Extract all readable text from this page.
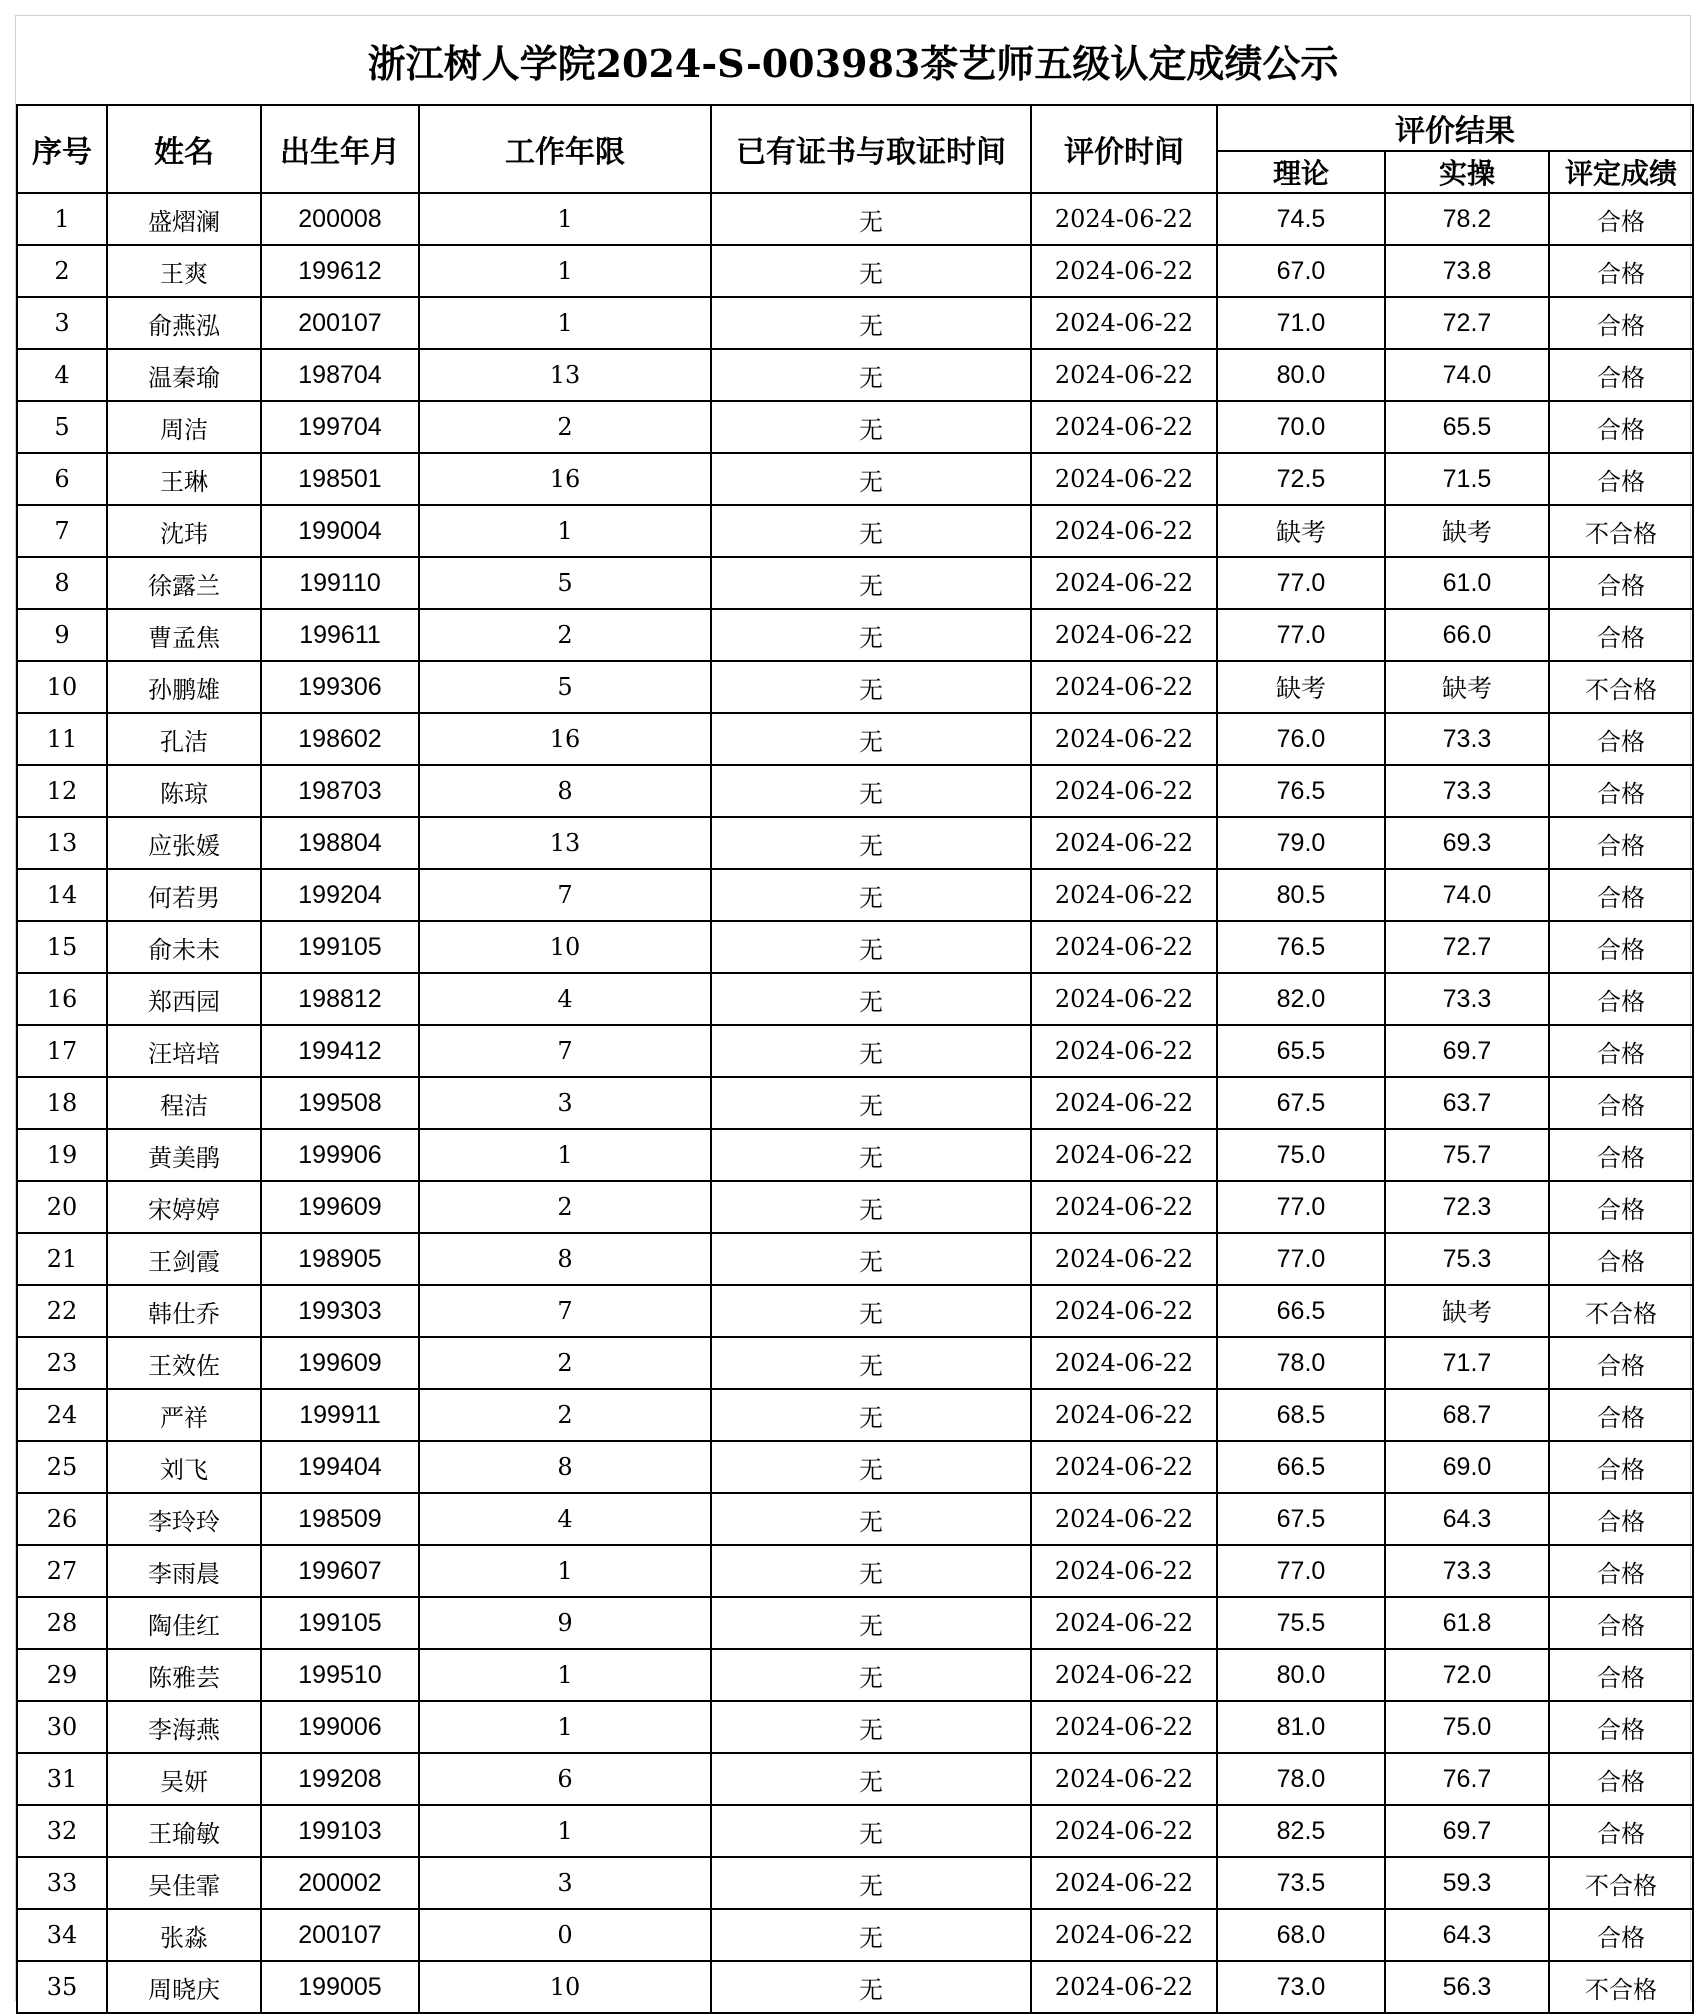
浙江树人学院2024-S-003983茶艺师五级认定成绩公示
序号	姓名	出生年月	工作年限	已有证书与取证时间	评价时间	评价结果		
						理论	实操	评定成绩
1	盛熠澜	200008	1	无	2024-06-22	74.5	78.2	合格
2	王爽	199612	1	无	2024-06-22	67.0	73.8	合格
3	俞燕泓	200107	1	无	2024-06-22	71.0	72.7	合格
4	温秦瑜	198704	13	无	2024-06-22	80.0	74.0	合格
5	周洁	199704	2	无	2024-06-22	70.0	65.5	合格
6	王琳	198501	16	无	2024-06-22	72.5	71.5	合格
7	沈玮	199004	1	无	2024-06-22	缺考	缺考	不合格
8	徐露兰	199110	5	无	2024-06-22	77.0	61.0	合格
9	曹孟焦	199611	2	无	2024-06-22	77.0	66.0	合格
10	孙鹏雄	199306	5	无	2024-06-22	缺考	缺考	不合格
11	孔洁	198602	16	无	2024-06-22	76.0	73.3	合格
12	陈琼	198703	8	无	2024-06-22	76.5	73.3	合格
13	应张媛	198804	13	无	2024-06-22	79.0	69.3	合格
14	何若男	199204	7	无	2024-06-22	80.5	74.0	合格
15	俞未未	199105	10	无	2024-06-22	76.5	72.7	合格
16	郑西园	198812	4	无	2024-06-22	82.0	73.3	合格
17	汪培培	199412	7	无	2024-06-22	65.5	69.7	合格
18	程洁	199508	3	无	2024-06-22	67.5	63.7	合格
19	黄美鹃	199906	1	无	2024-06-22	75.0	75.7	合格
20	宋婷婷	199609	2	无	2024-06-22	77.0	72.3	合格
21	王剑霞	198905	8	无	2024-06-22	77.0	75.3	合格
22	韩仕乔	199303	7	无	2024-06-22	66.5	缺考	不合格
23	王效佐	199609	2	无	2024-06-22	78.0	71.7	合格
24	严祥	199911	2	无	2024-06-22	68.5	68.7	合格
25	刘飞	199404	8	无	2024-06-22	66.5	69.0	合格
26	李玲玲	198509	4	无	2024-06-22	67.5	64.3	合格
27	李雨晨	199607	1	无	2024-06-22	77.0	73.3	合格
28	陶佳红	199105	9	无	2024-06-22	75.5	61.8	合格
29	陈雅芸	199510	1	无	2024-06-22	80.0	72.0	合格
30	李海燕	199006	1	无	2024-06-22	81.0	75.0	合格
31	吴妍	199208	6	无	2024-06-22	78.0	76.7	合格
32	王瑜敏	199103	1	无	2024-06-22	82.5	69.7	合格
33	吴佳霏	200002	3	无	2024-06-22	73.5	59.3	不合格
34	张淼	200107	0	无	2024-06-22	68.0	64.3	合格
35	周晓庆	199005	10	无	2024-06-22	73.0	56.3	不合格
